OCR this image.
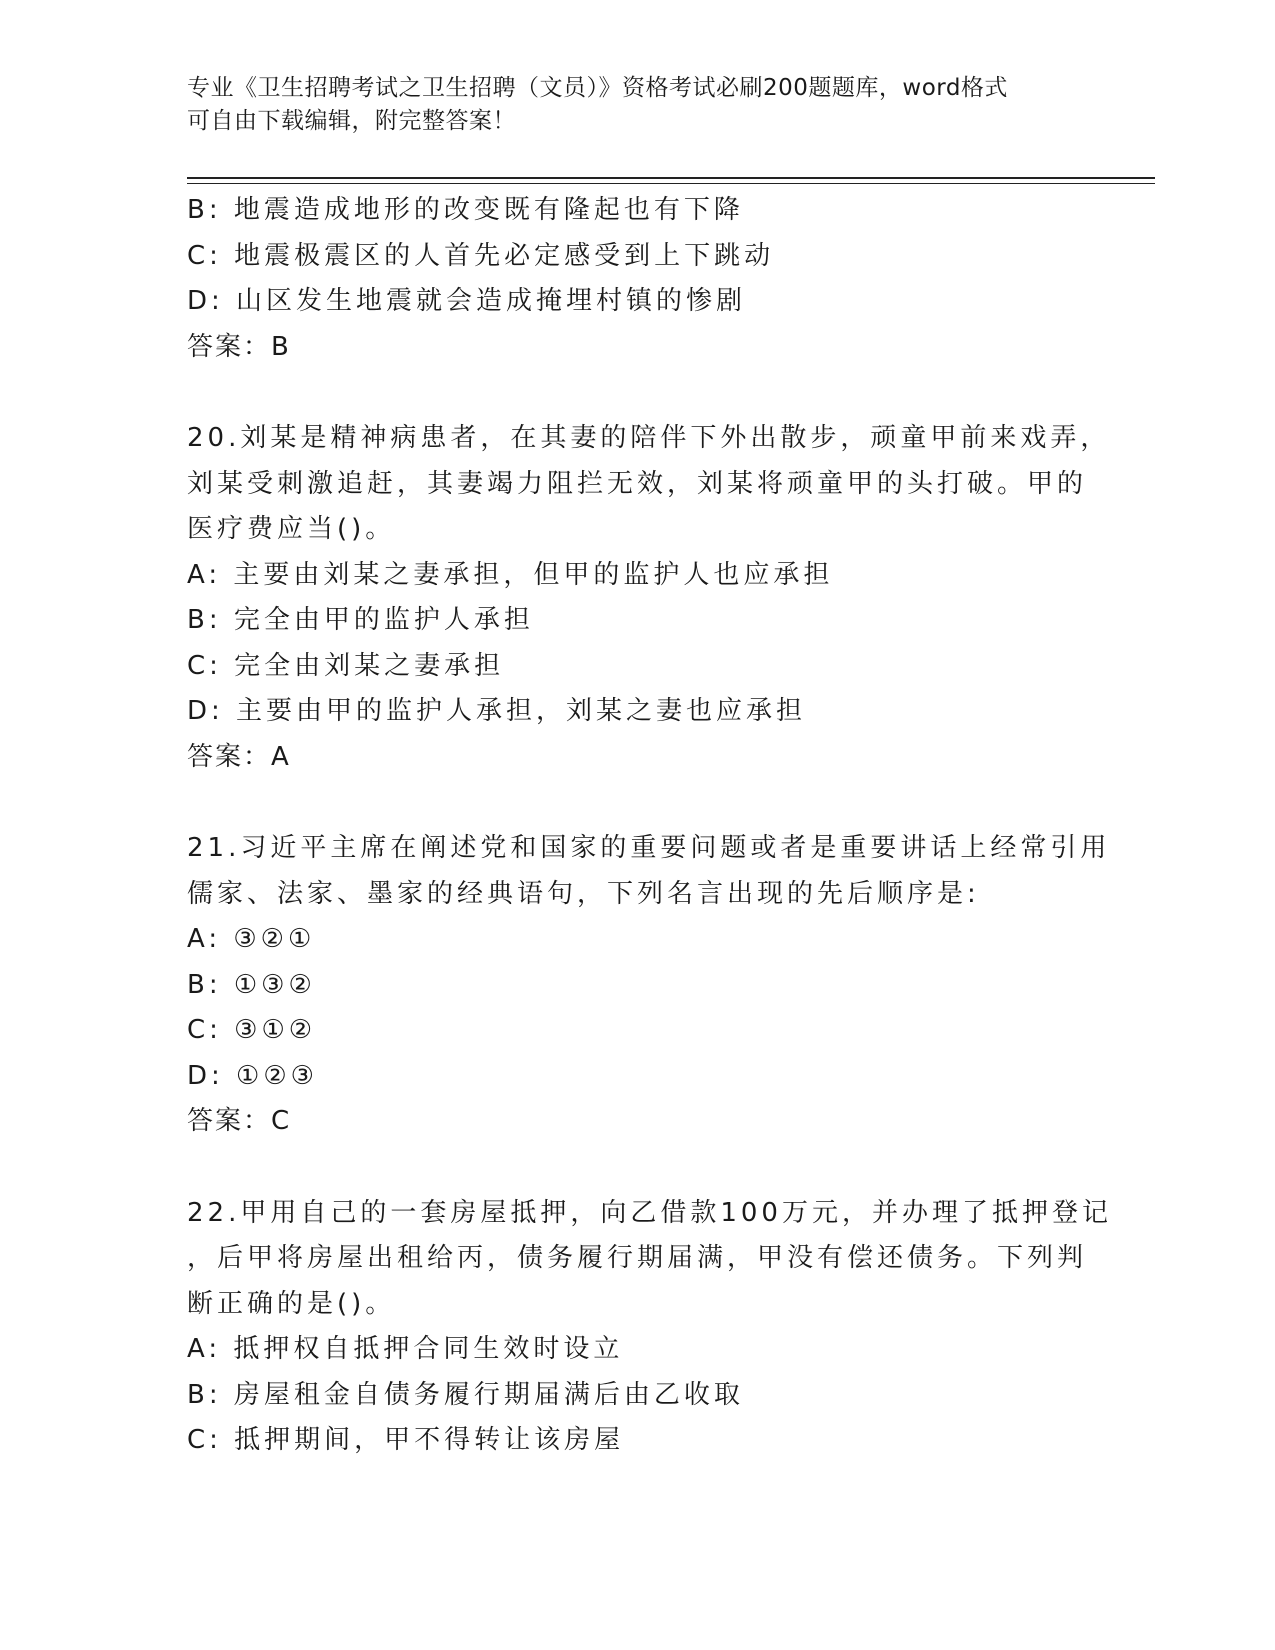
专业《卫生招聘考试之卫生招聘（文员）》资格考试必刷200题题库，word格式
可自由下载编辑，附完整答案！
B: 地震造成地形的改变既有隆起也有下降
C: 地震极震区的人首先必定感受到上下跳动
D: 山区发生地震就会造成掩埋村镇的惨剧
答案：B
20.刘某是精神病患者，在其妻的陪伴下外出散步，顽童甲前来戏弄，
刘某受刺激追赶，其妻竭力阻拦无效，刘某将顽童甲的头打破。甲的
医疗费应当()。
A: 主要由刘某之妻承担，但甲的监护人也应承担
B: 完全由甲的监护人承担
C: 完全由刘某之妻承担
D: 主要由甲的监护人承担，刘某之妻也应承担
答案：A
21.习近平主席在阐述党和国家的重要问题或者是重要讲话上经常引用
儒家、法家、墨家的经典语句，下列名言出现的先后顺序是:
A: ③②①
B: ①③②
C: ③①②
D: ①②③
答案：C
22.甲用自己的一套房屋抵押，向乙借款100万元，并办理了抵押登记
，后甲将房屋出租给丙，债务履行期届满，甲没有偿还债务。下列判
断正确的是()。
A: 抵押权自抵押合同生效时设立
B: 房屋租金自债务履行期届满后由乙收取
C: 抵押期间，甲不得转让该房屋
